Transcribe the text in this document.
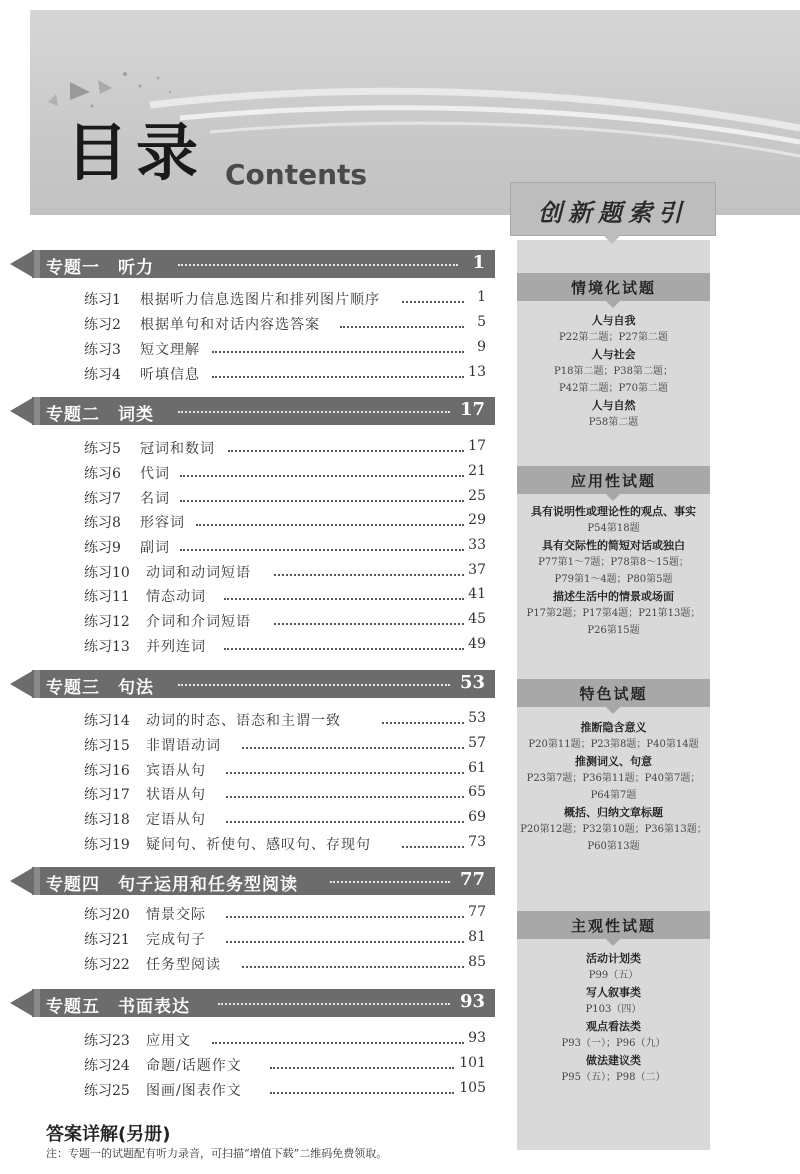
目录 Contents
专题一　听力	1
练习1 根据听力信息选图片和排列图片顺序	1
练习2 根据单句和对话内容选答案	5
练习3 短文理解	9
练习4 听填信息	13
专题二　词类	17
练习5 冠词和数词	17
练习6 代词	21
练习7 名词	25
练习8 形容词	29
练习9 副词	33
练习10 动词和动词短语	37
练习11 情态动词	41
练习12 介词和介词短语	45
练习13 并列连词	49
专题三　句法	53
练习14 动词的时态、语态和主谓一致	53
练习15 非谓语动词	57
练习16 宾语从句	61
练习17 状语从句	65
练习18 定语从句	69
练习19 疑问句、祈使句、感叹句、存现句	73
专题四　句子运用和任务型阅读	77
练习20 情景交际	77
练习21 完成句子	81
练习22 任务型阅读	85
专题五　书面表达	93
练习23 应用文	93
练习24 命题/话题作文	101
练习25 图画/图表作文	105
答案详解(另册)
注：专题一的试题配有听力录音，可扫描“增值下载”二维码免费领取。
创新题索引
情境化试题
人与自我
P22第二题；P27第二题
人与社会
P18第二题；P38第二题；
P42第二题；P70第二题
人与自然
P58第二题
应用性试题
具有说明性或理论性的观点、事实
P54第18题
具有交际性的简短对话或独白
P77第1～7题；P78第8～15题；
P79第1～4题；P80第5题
描述生活中的情景或场面
P17第2题；P17第4题；P21第13题；
P26第15题
特色试题
推断隐含意义
P20第11题；P23第8题；P40第14题
推测词义、句意
P23第7题；P36第11题；P40第7题；
P64第7题
概括、归纳文章标题
P20第12题；P32第10题；P36第13题；
P60第13题
主观性试题
活动计划类
P99（五）
写人叙事类
P103（四）
观点看法类
P93（一）；P96（九）
做法建议类
P95（五）；P98（二）
